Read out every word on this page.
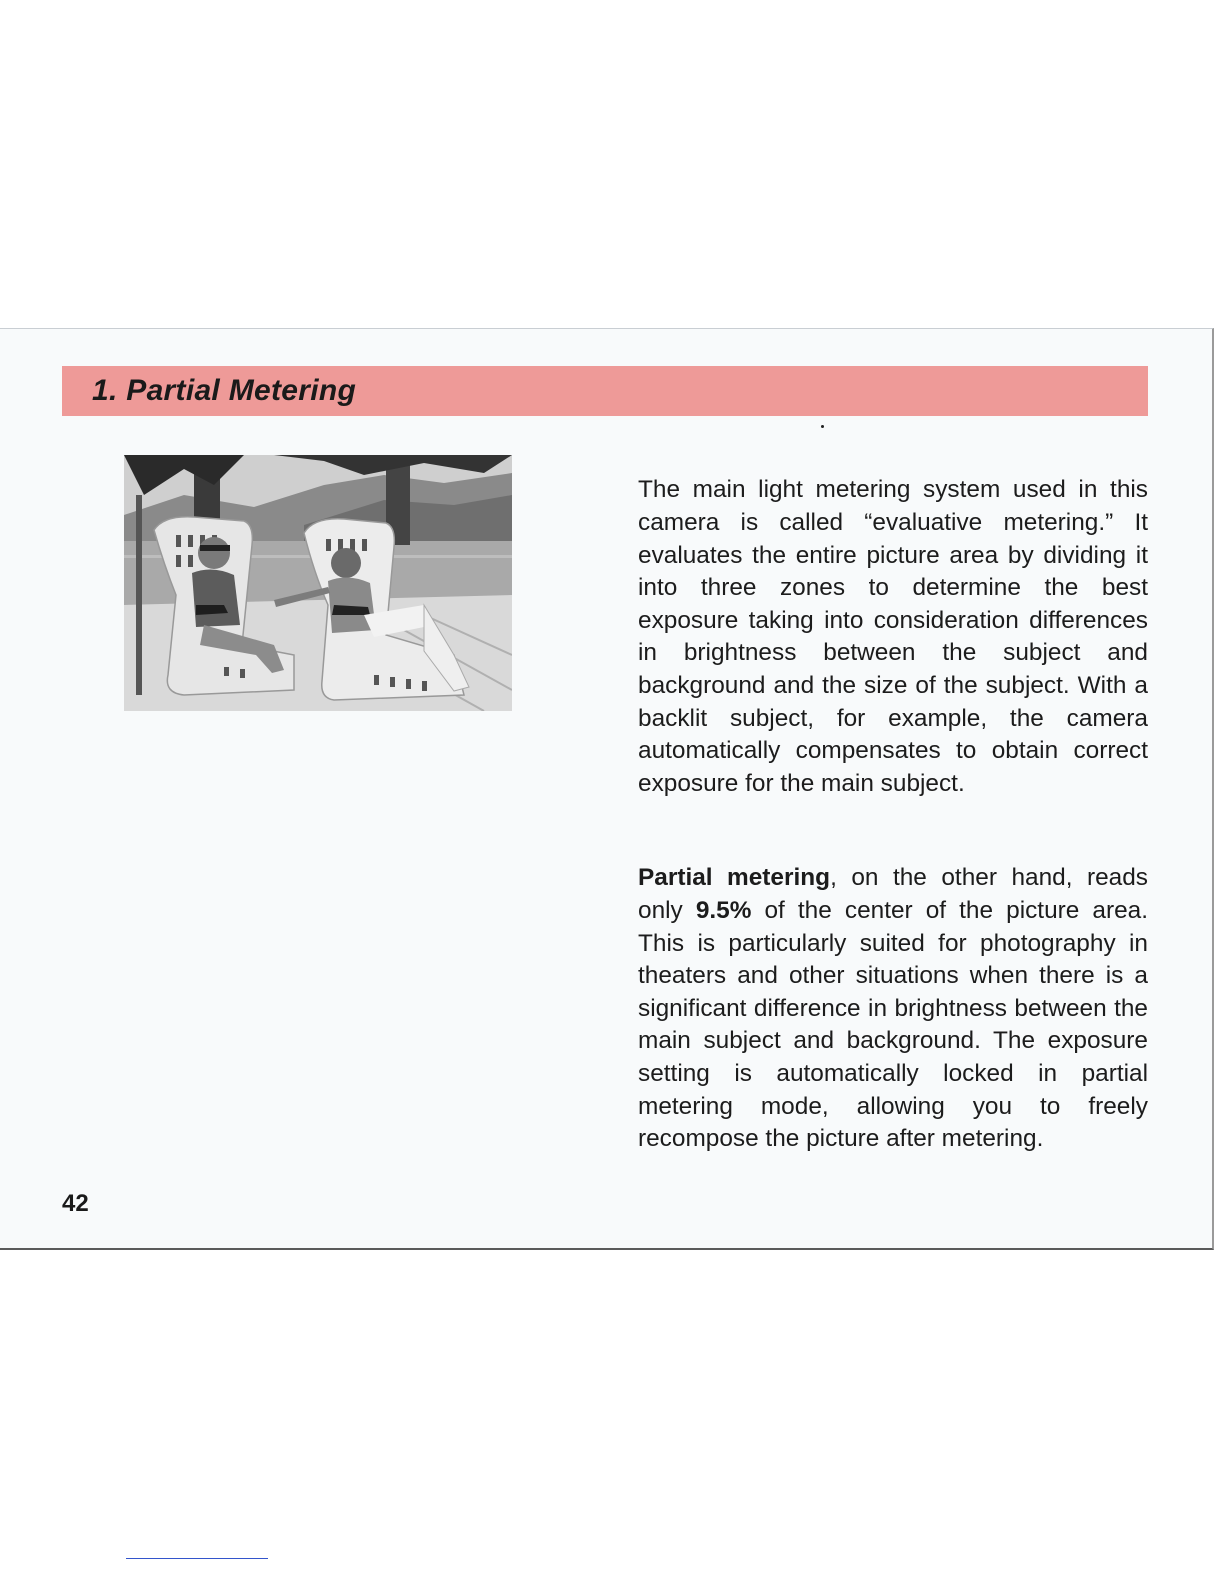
1. Partial Metering

The main light metering system used in this camera is called “evaluative metering.” It evaluates the entire picture area by dividing it into three zones to determine the best exposure taking into consideration differences in brightness between the subject and background and the size of the subject. With a backlit subject, for example, the camera automatically compensates to obtain correct exposure for the main subject.

Partial metering, on the other hand, reads only 9.5% of the center of the picture area. This is particularly suited for photography in theaters and other situations when there is a significant difference in brightness between the main subject and background. The exposure setting is automatically locked in partial metering mode, allowing you to freely recompose the picture after metering.

42
